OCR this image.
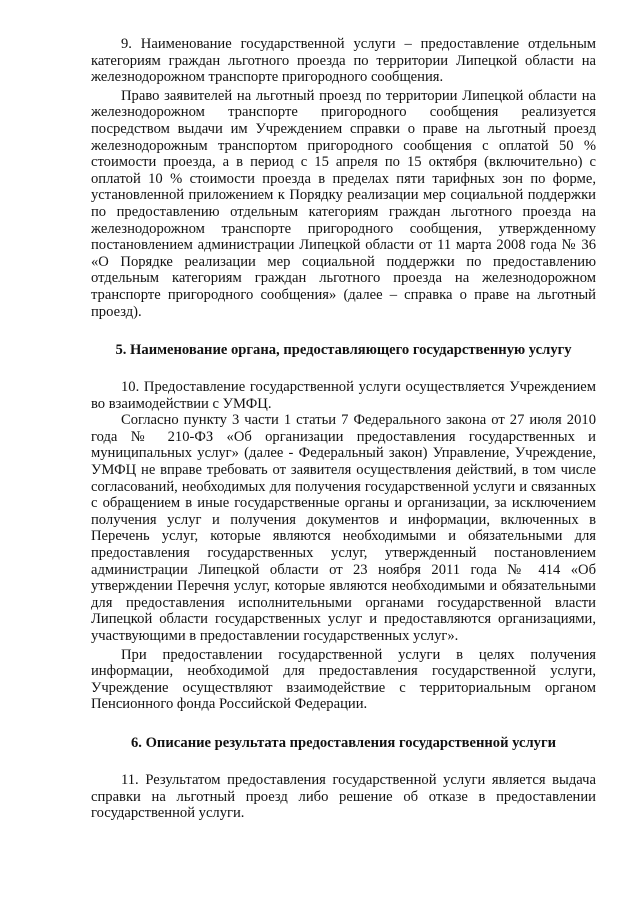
9. Наименование государственной услуги – предоставление отдельным категориям граждан льготного проезда по территории Липецкой области на железнодорожном транспорте пригородного сообщения.

Право заявителей на льготный проезд по территории Липецкой области на железнодорожном транспорте пригородного сообщения реализуется посредством выдачи им Учреждением справки о праве на льготный проезд железнодорожным транспортом пригородного сообщения с оплатой 50 % стоимости проезда, а в период с 15 апреля по 15 октября (включительно) с оплатой 10 % стоимости проезда в пределах пяти тарифных зон по форме, установленной приложением к Порядку реализации мер социальной поддержки по предоставлению отдельным категориям граждан льготного проезда на железнодорожном транспорте пригородного сообщения, утвержденному постановлением администрации Липецкой области от 11 марта 2008 года № 36 «О Порядке реализации мер социальной поддержки по предоставлению отдельным категориям граждан льготного проезда на железнодорожном транспорте пригородного сообщения» (далее – справка о праве на льготный проезд).

5. Наименование органа, предоставляющего государственную услугу

10. Предоставление государственной услуги осуществляется Учреждением во взаимодействии с УМФЦ.

Согласно пункту 3 части 1 статьи 7 Федерального закона от 27 июля 2010 года № 210-ФЗ «Об организации предоставления государственных и муниципальных услуг» (далее - Федеральный закон) Управление, Учреждение, УМФЦ не вправе требовать от заявителя осуществления действий, в том числе согласований, необходимых для получения государственной услуги и связанных с обращением в иные государственные органы и организации, за исключением получения услуг и получения документов и информации, включенных в Перечень услуг, которые являются необходимыми и обязательными для предоставления государственных услуг, утвержденный постановлением администрации Липецкой области от 23 ноября 2011 года № 414 «Об утверждении Перечня услуг, которые являются необходимыми и обязательными для предоставления исполнительными органами государственной власти Липецкой области государственных услуг и предоставляются организациями, участвующими в предоставлении государственных услуг».

При предоставлении государственной услуги в целях получения информации, необходимой для предоставления государственной услуги, Учреждение осуществляют взаимодействие с территориальным органом Пенсионного фонда Российской Федерации.

6. Описание результата предоставления государственной услуги

11. Результатом предоставления государственной услуги является выдача справки на льготный проезд либо решение об отказе в предоставлении государственной услуги.
